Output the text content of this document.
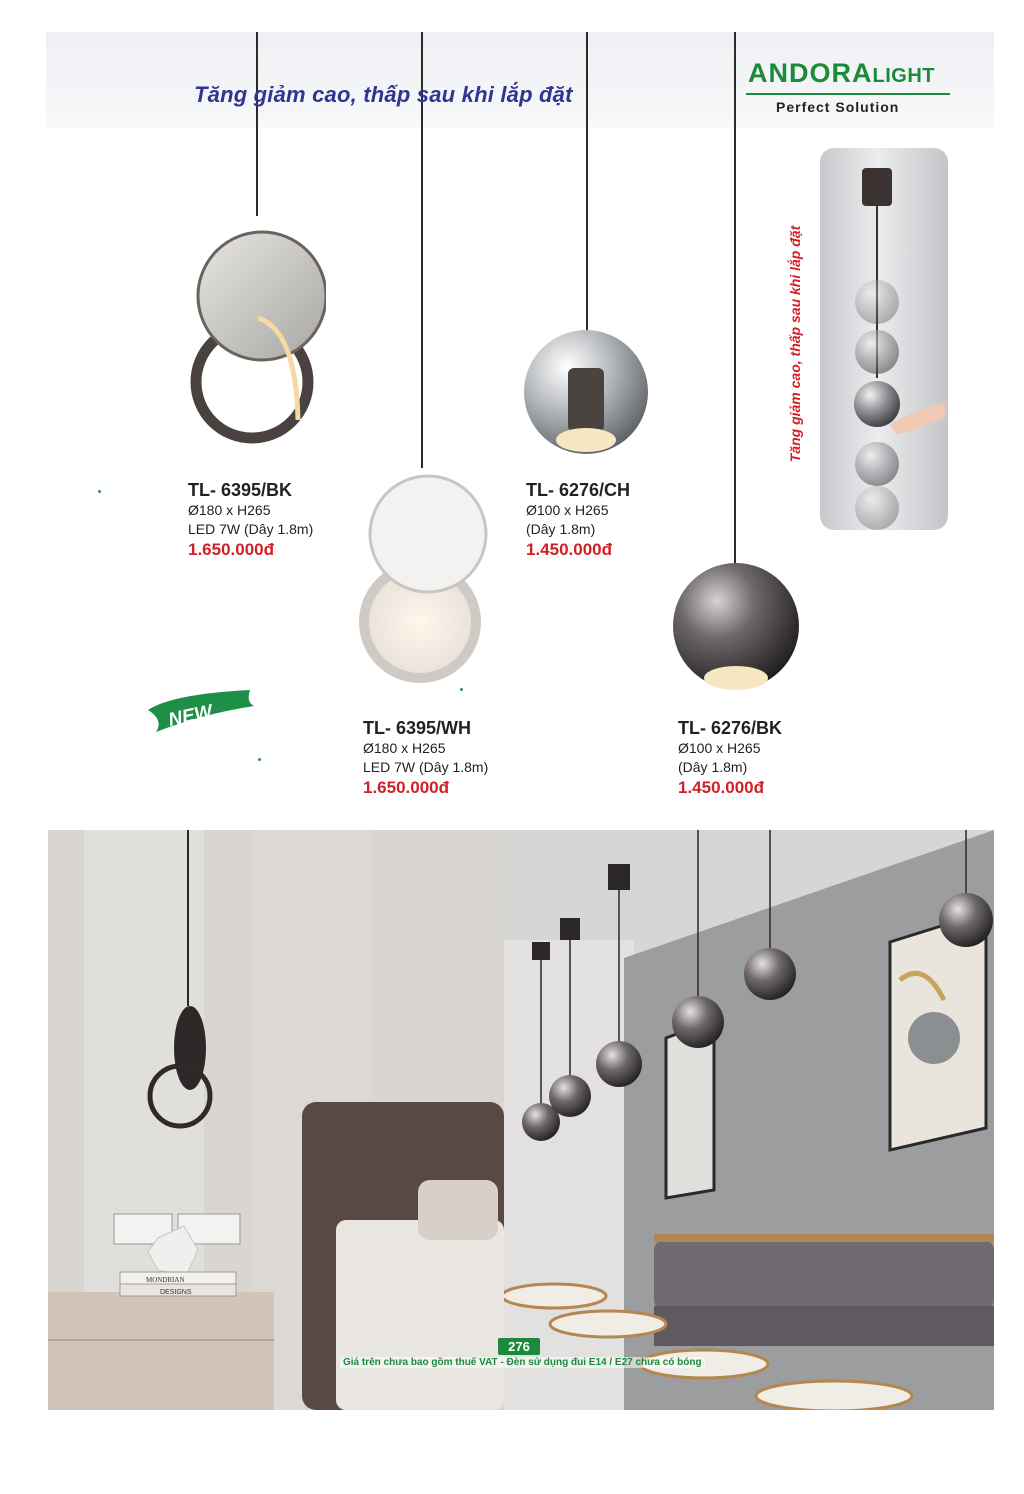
Tăng giảm cao, thấp sau khi lắp đặt
ANDORALIGHT
Perfect Solution
TL- 6395/BK
Ø180 x H265
LED 7W (Dây 1.8m)
1.650.000đ
TL- 6395/WH
Ø180 x H265
LED 7W (Dây 1.8m)
1.650.000đ
TL- 6276/CH
Ø100 x H265
(Dây 1.8m)
1.450.000đ
TL- 6276/BK
Ø100 x H265
(Dây 1.8m)
1.450.000đ
Tăng giảm cao, thấp sau khi lắp đặt
NEW
MONDRIAN
DESIGNS
276
Giá trên chưa bao gồm thuế VAT - Đèn sử dụng đui E14 / E27 chưa có bóng
